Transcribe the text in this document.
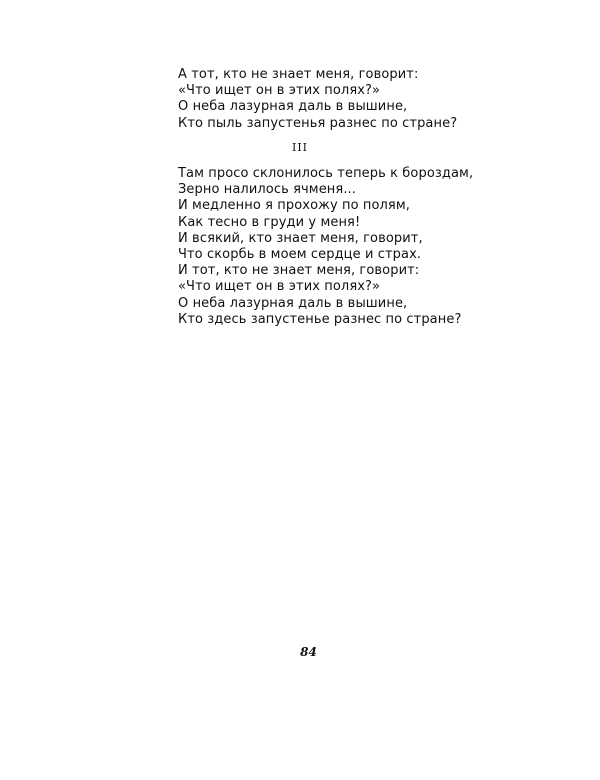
А тот, кто не знает меня, говорит:
«Что ищет он в этих полях?»
О неба лазурная даль в вышине,
Кто пыль запустенья разнес по стране?
III
Там просо склонилось теперь к бороздам,
Зерно налилось ячменя...
И медленно я прохожу по полям,
Как тесно в груди у меня!
И всякий, кто знает меня, говорит,
Что скорбь в моем сердце и страх.
И тот, кто не знает меня, говорит:
«Что ищет он в этих полях?»
О неба лазурная даль в вышине,
Кто здесь запустенье разнес по стране?
84
